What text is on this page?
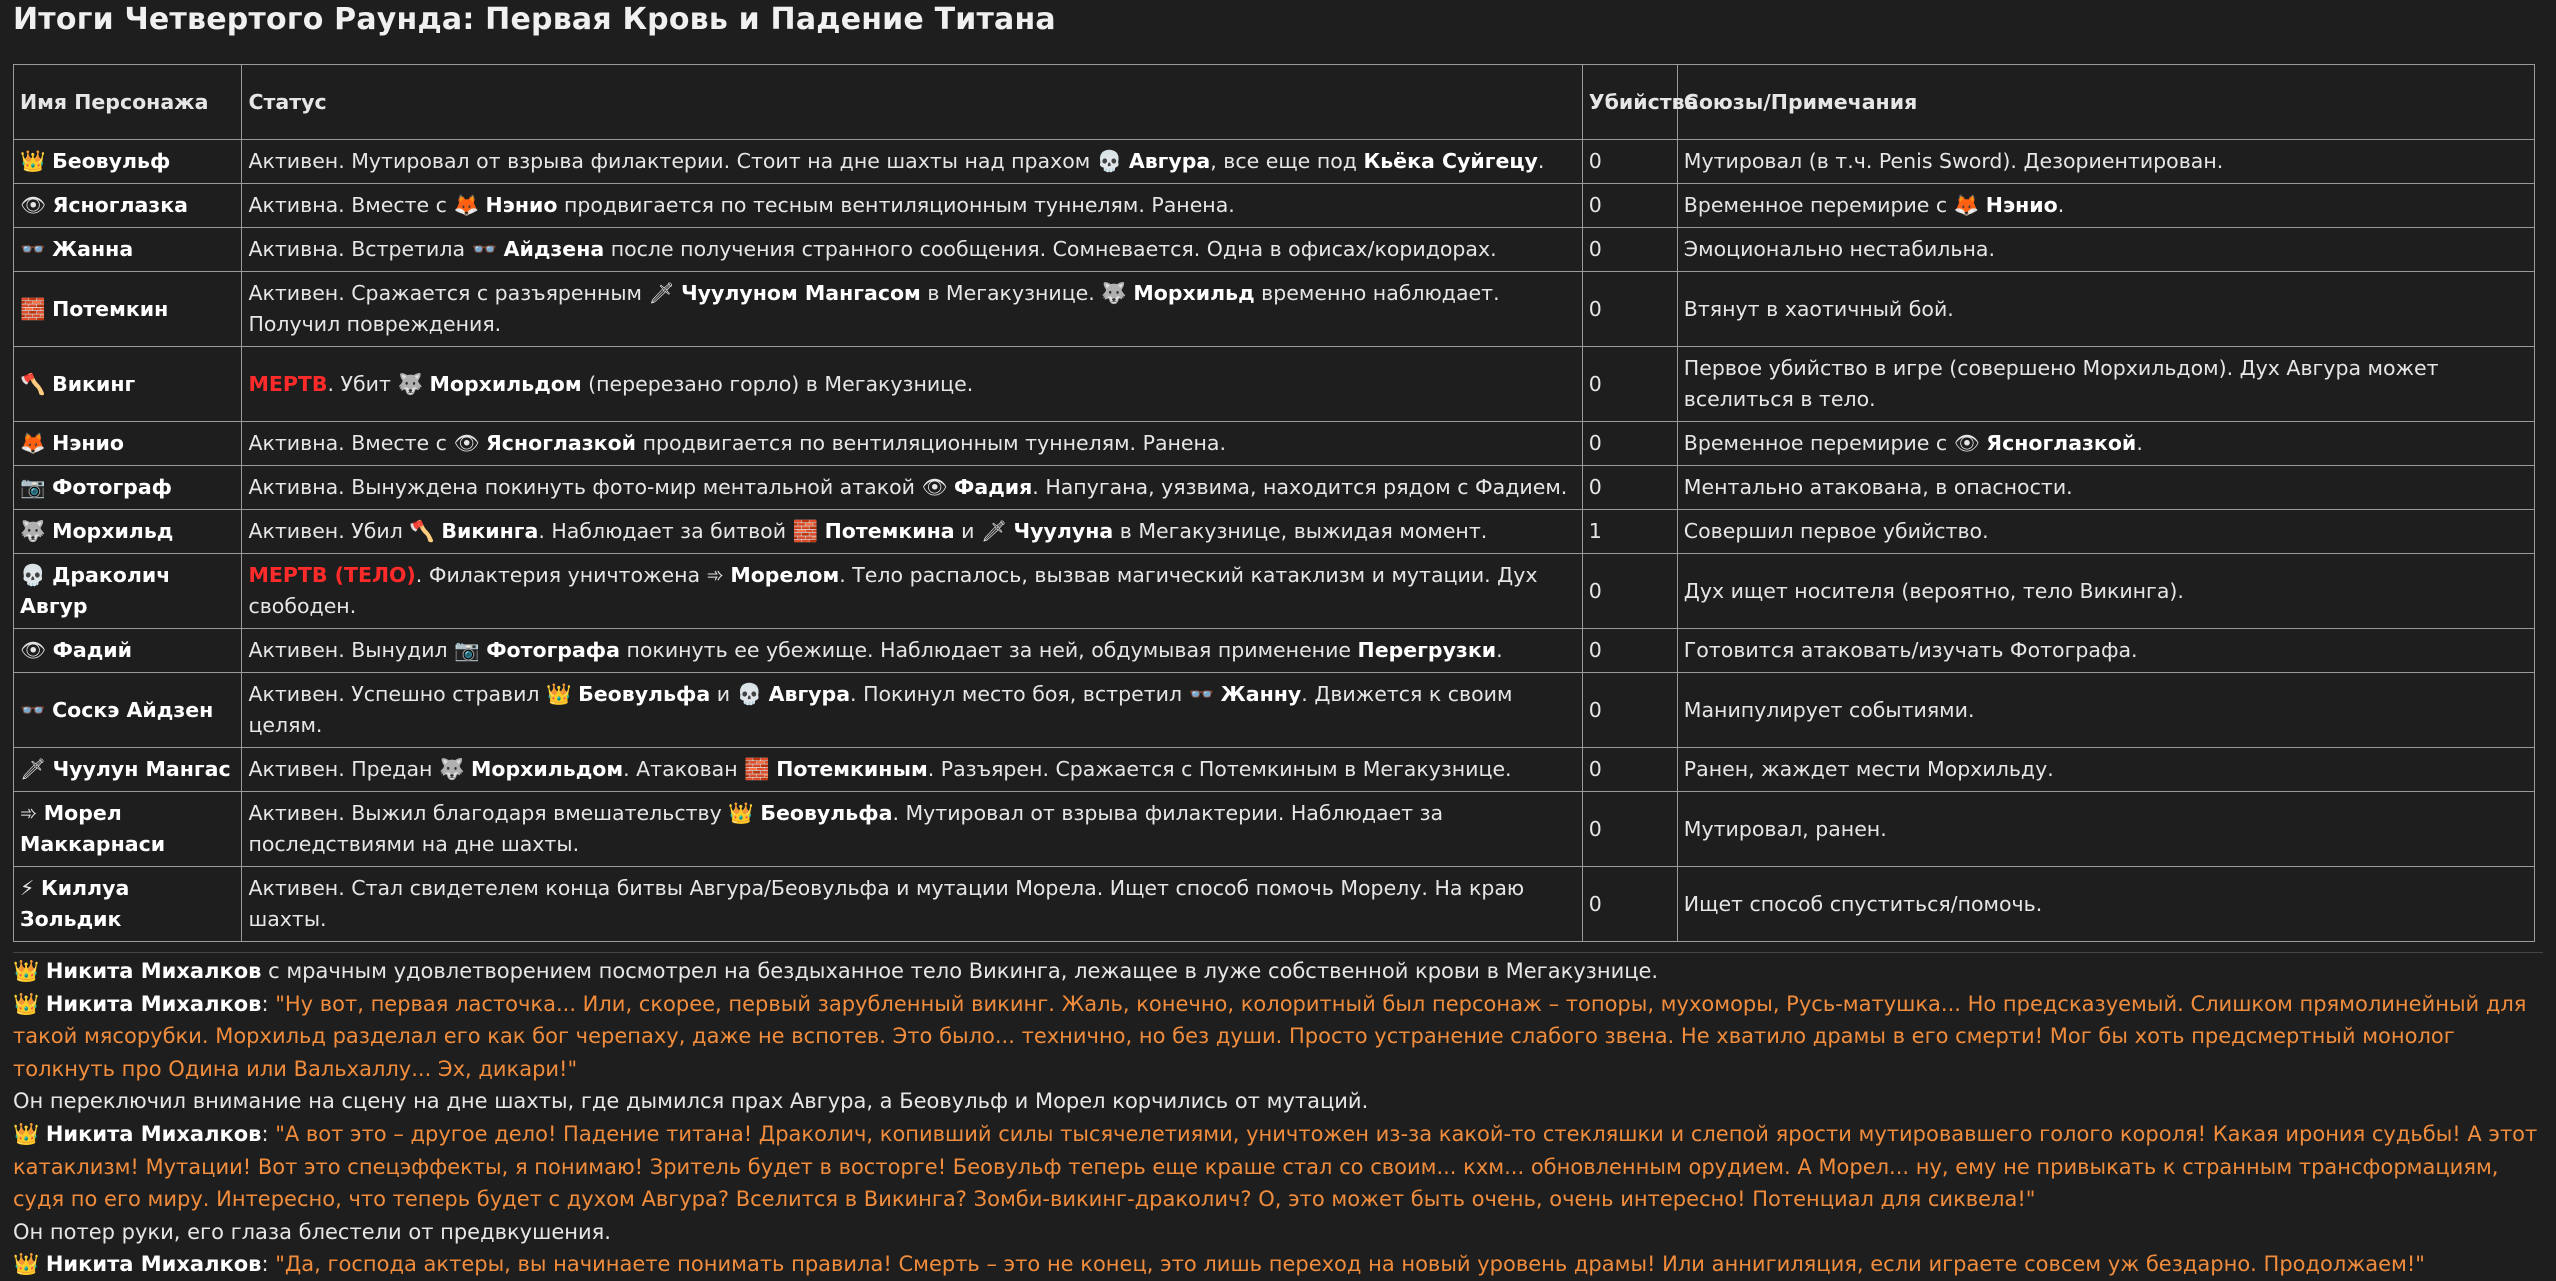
Итоги Четвертого Раунда: Первая Кровь и Падение Титана
Имя Персонажа	Статус	Убийства	Союзы/Примечания
👑 Беовульф	Активен. Мутировал от взрыва филактерии. Стоит на дне шахты над прахом 💀 Авгура, все еще под Кьёка Суйгецу.	0	Мутировал (в т.ч. Penis Sword). Дезориентирован.
👁 Ясноглазка	Активна. Вместе с 🦊 Нэнио продвигается по тесным вентиляционным туннелям. Ранена.	0	Временное перемирие с 🦊 Нэнио.
👓 Жанна	Активна. Встретила 👓 Айдзена после получения странного сообщения. Сомневается. Одна в офисах/коридорах.	0	Эмоционально нестабильна.
🧱 Потемкин	Активен. Сражается с разъяренным 🗡 Чуулуном Мангасом в Мегакузнице. 🐺 Морхильд временно наблюдает. Получил повреждения.	0	Втянут в хаотичный бой.
🪓 Викинг	МЕРТВ. Убит 🐺 Морхильдом (перерезано горло) в Мегакузнице.	0	Первое убийство в игре (совершено Морхильдом). Дух Авгура может вселиться в тело.
🦊 Нэнио	Активна. Вместе с 👁 Ясноглазкой продвигается по вентиляционным туннелям. Ранена.	0	Временное перемирие с 👁 Ясноглазкой.
📷 Фотограф	Активна. Вынуждена покинуть фото-мир ментальной атакой 👁 Фадия. Напугана, уязвима, находится рядом с Фадием.	0	Ментально атакована, в опасности.
🐺 Морхильд	Активен. Убил 🪓 Викинга. Наблюдает за битвой 🧱 Потемкина и 🗡 Чуулуна в Мегакузнице, выжидая момент.	1	Совершил первое убийство.
💀 Драколич Авгур	МЕРТВ (ТЕЛО). Филактерия уничтожена ➾ Морелом. Тело распалось, вызвав магический катаклизм и мутации. Дух свободен.	0	Дух ищет носителя (вероятно, тело Викинга).
👁 Фадий	Активен. Вынудил 📷 Фотографа покинуть ее убежище. Наблюдает за ней, обдумывая применение Перегрузки.	0	Готовится атаковать/изучать Фотографа.
👓 Соскэ Айдзен	Активен. Успешно стравил 👑 Беовульфа и 💀 Авгура. Покинул место боя, встретил 👓 Жанну. Движется к своим целям.	0	Манипулирует событиями.
🗡 Чуулун Мангас	Активен. Предан 🐺 Морхильдом. Атакован 🧱 Потемкиным. Разъярен. Сражается с Потемкиным в Мегакузнице.	0	Ранен, жаждет мести Морхильду.
➾ Морел Маккарнаси	Активен. Выжил благодаря вмешательству 👑 Беовульфа. Мутировал от взрыва филактерии. Наблюдает за последствиями на дне шахты.	0	Мутировал, ранен.
⚡ Киллуа Зольдик	Активен. Стал свидетелем конца битвы Авгура/Беовульфа и мутации Морела. Ищет способ помочь Морелу. На краю шахты.	0	Ищет способ спуститься/помочь.
👑 Никита Михалков с мрачным удовлетворением посмотрел на бездыханное тело Викинга, лежащее в луже собственной крови в Мегакузнице.
👑 Никита Михалков: "Ну вот, первая ласточка... Или, скорее, первый зарубленный викинг. Жаль, конечно, колоритный был персонаж – топоры, мухоморы, Русь-матушка... Но предсказуемый. Слишком прямолинейный для такой мясорубки. Морхильд разделал его как бог черепаху, даже не вспотев. Это было... технично, но без души. Просто устранение слабого звена. Не хватило драмы в его смерти! Мог бы хоть предсмертный монолог толкнуть про Одина или Вальхаллу... Эх, дикари!"
Он переключил внимание на сцену на дне шахты, где дымился прах Авгура, а Беовульф и Морел корчились от мутаций.
👑 Никита Михалков: "А вот это – другое дело! Падение титана! Драколич, копивший силы тысячелетиями, уничтожен из-за какой-то стекляшки и слепой ярости мутировавшего голого короля! Какая ирония судьбы! А этот катаклизм! Мутации! Вот это спецэффекты, я понимаю! Зритель будет в восторге! Беовульф теперь еще краше стал со своим... кхм... обновленным орудием. А Морел... ну, ему не привыкать к странным трансформациям, судя по его миру. Интересно, что теперь будет с духом Авгура? Вселится в Викинга? Зомби-викинг-драколич? О, это может быть очень, очень интересно! Потенциал для сиквела!"
Он потер руки, его глаза блестели от предвкушения.
👑 Никита Михалков: "Да, господа актеры, вы начинаете понимать правила! Смерть – это не конец, это лишь переход на новый уровень драмы! Или аннигиляция, если играете совсем уж бездарно. Продолжаем!"
